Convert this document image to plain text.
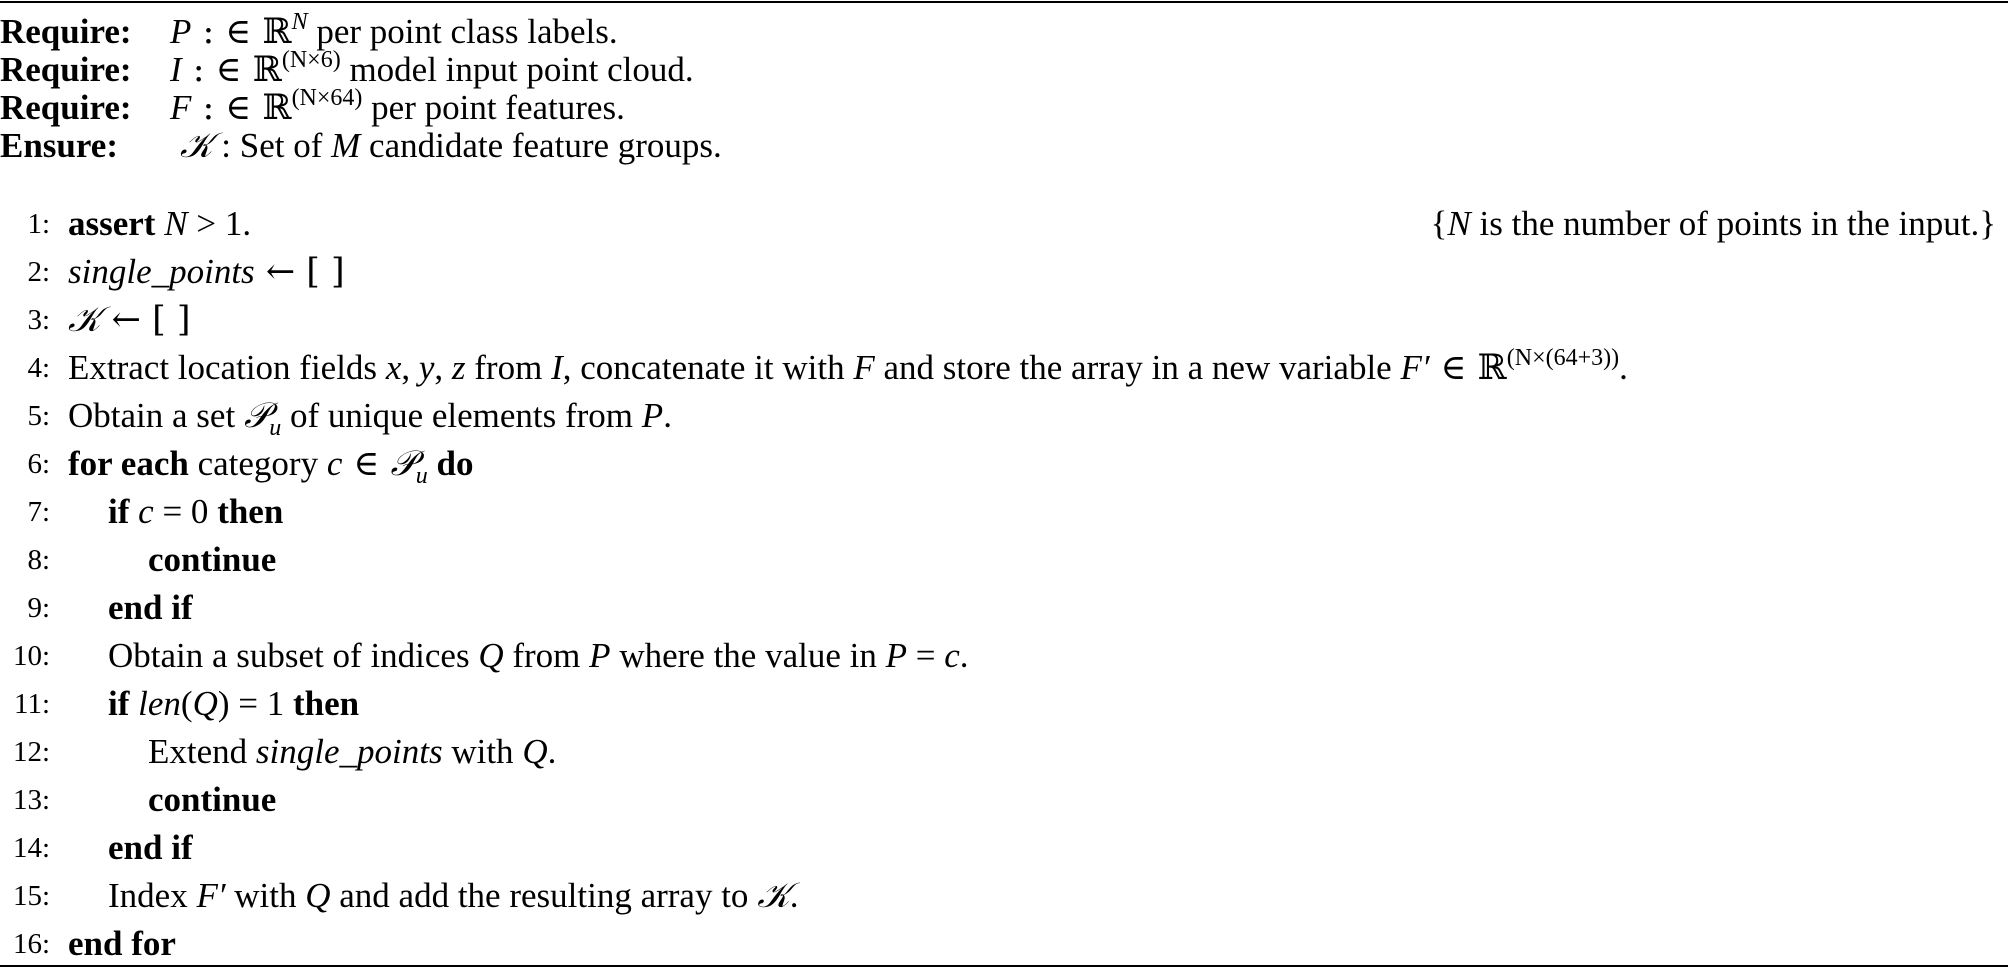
Require: P : ∈ ℝ$^N$ per point class labels.
Require: I : ∈ ℝ$^{(N\times 6)}$ model input point cloud.
Require: F : ∈ ℝ$^{(N\times 64)}$ per point features.
Ensure: 𝒦 : Set of M candidate feature groups.
1: assert N > 1.	{N is the number of points in the input.}
2: single_points ← [ ]
3: 𝒦 ← [ ]
4: Extract location fields x, y, z from I, concatenate it with F and store the array in a new variable F′ ∈ ℝ$^{(N\times(64+3))}$.
5: Obtain a set 𝒫$_u$ of unique elements from P.
6: for each category c ∈ 𝒫$_u$ do
7: if c = 0 then
8:	continue
9: end if
10: Obtain a subset of indices Q from P where the value in P = c.
11: if len(Q) = 1 then
12:	Extend single_points with Q.
13:	continue
14: end if
15: Index F′ with Q and add the resulting array to 𝒦.
16: end for
